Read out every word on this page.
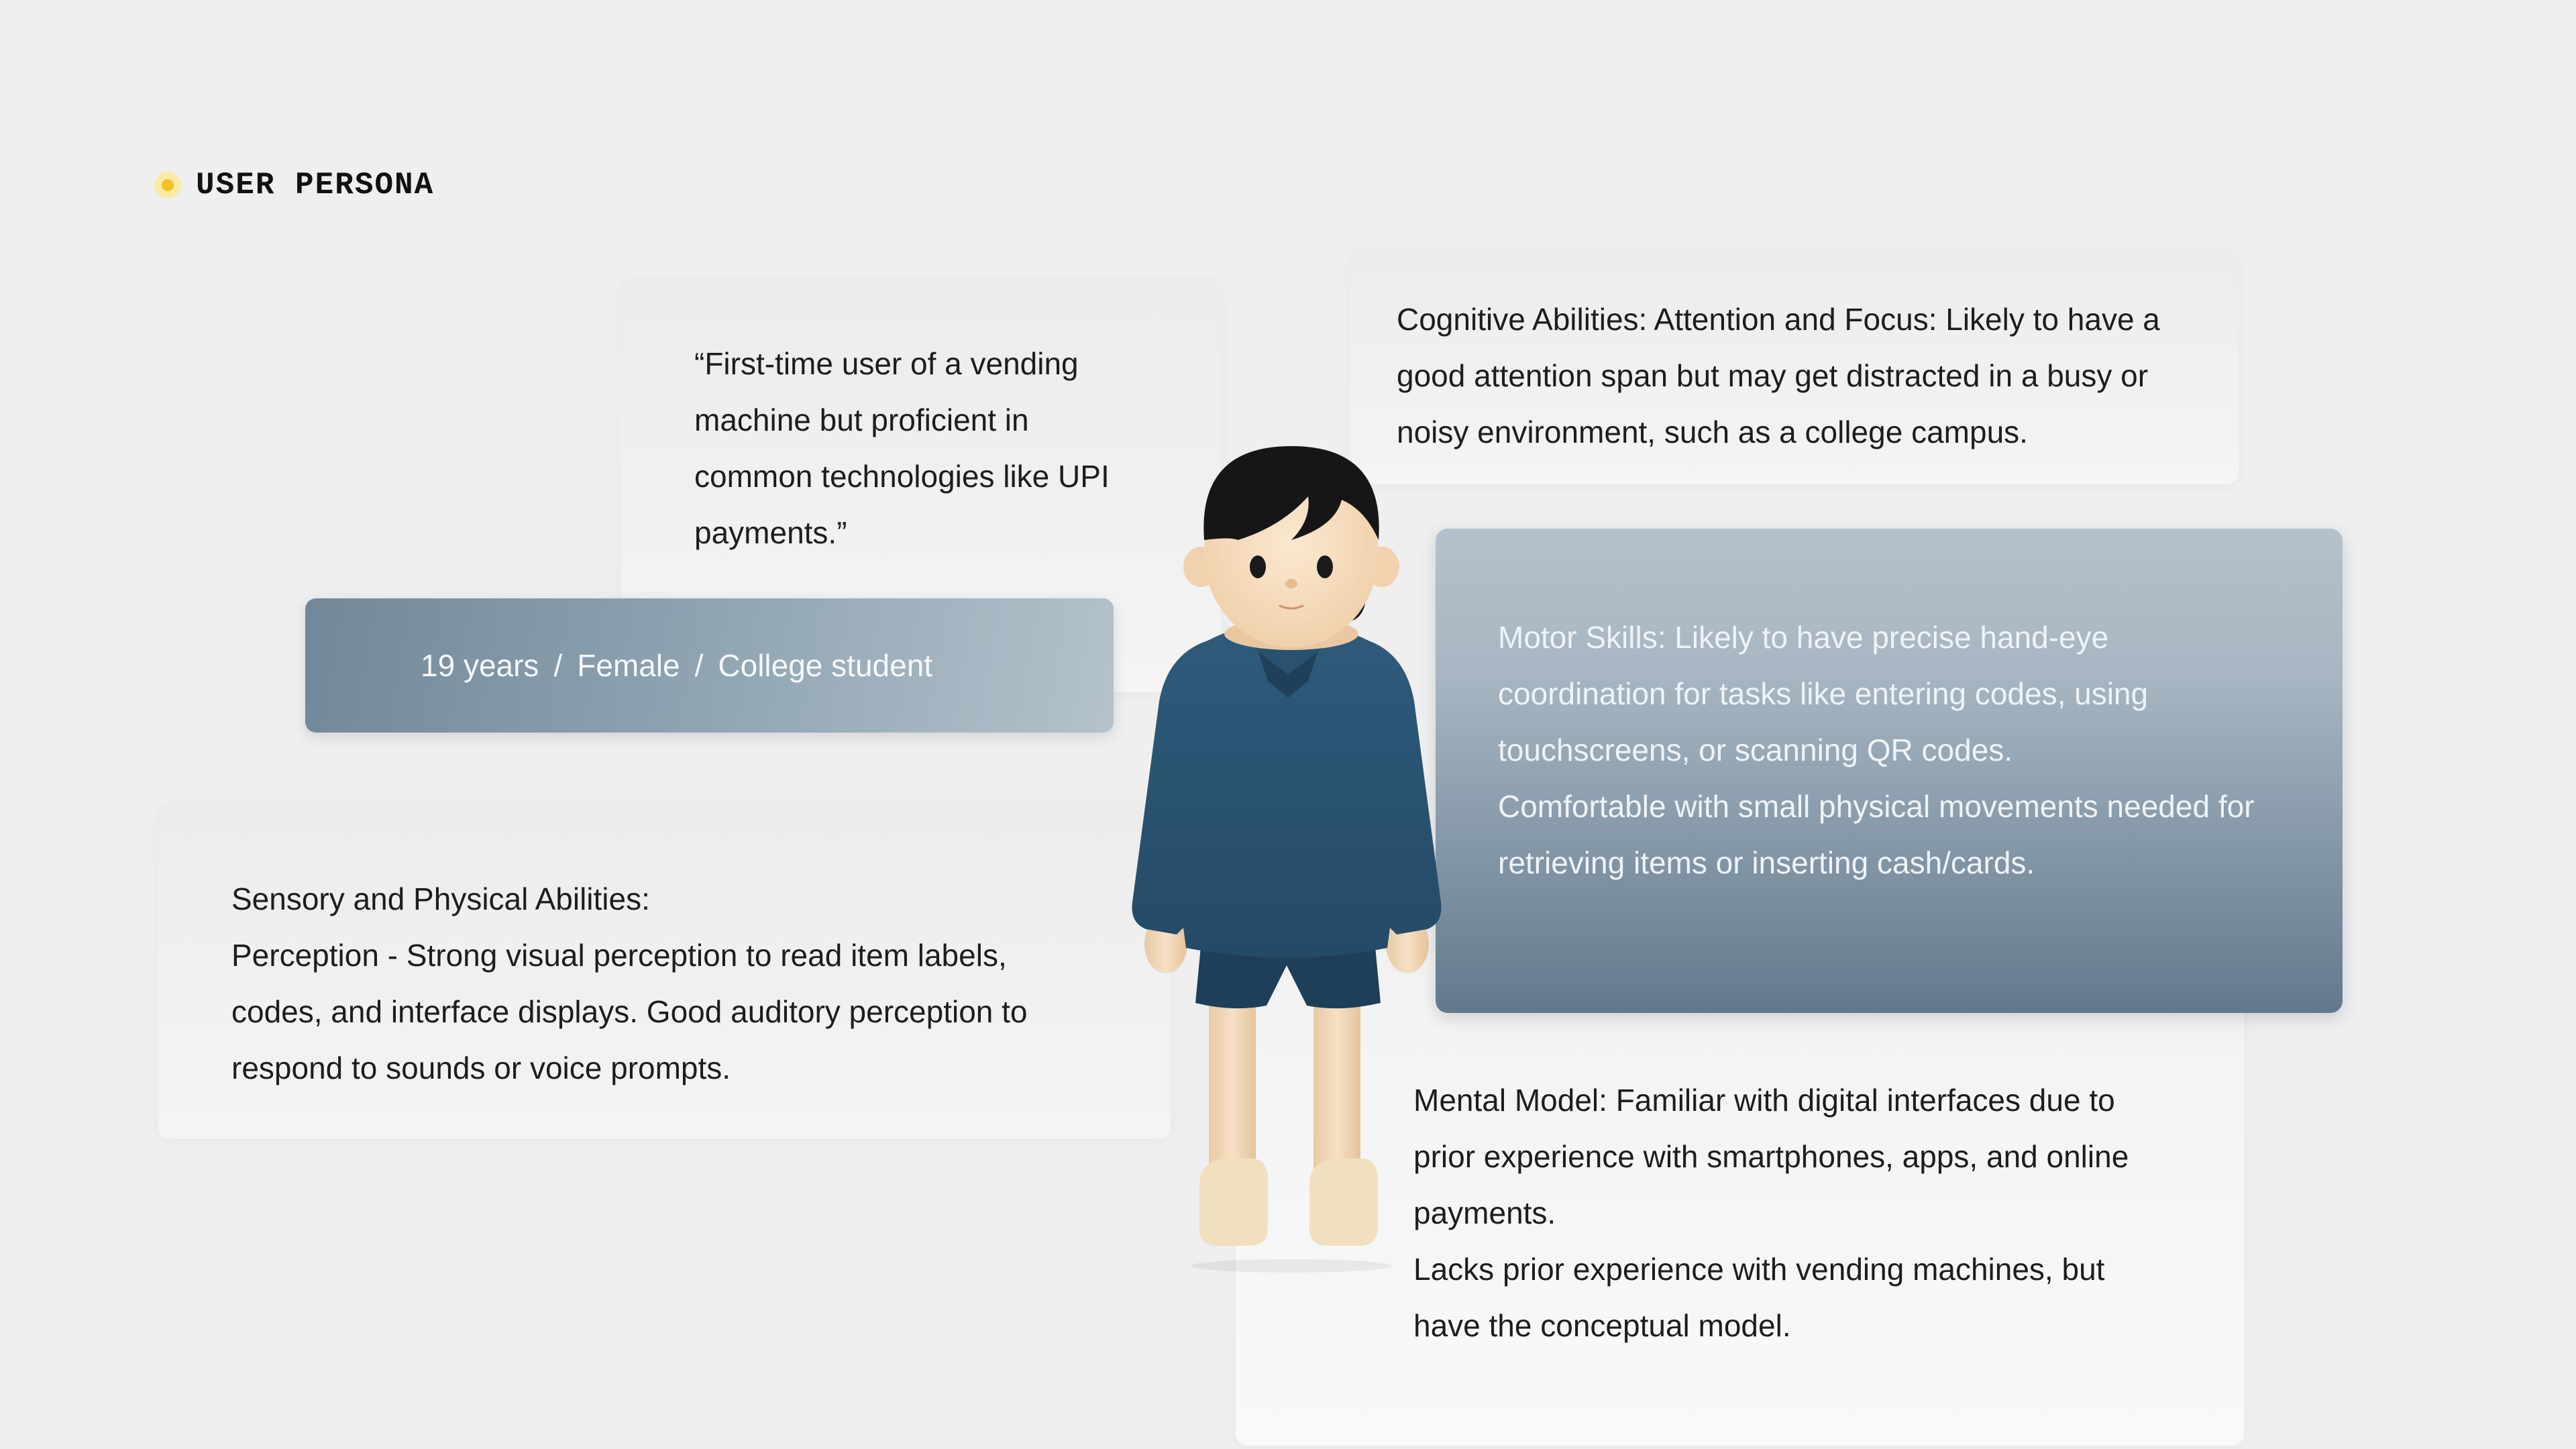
USER PERSONA

“First-time user of a vending
machine but proficient in
common technologies like UPI
payments.”

Cognitive Abilities: Attention and Focus: Likely to have a
good attention span but may get distracted in a busy or
noisy environment, such as a college campus.

Sensory and Physical Abilities:
Perception - Strong visual perception to read item labels,
codes, and interface displays. Good auditory perception to
respond to sounds or voice prompts.

Mental Model: Familiar with digital interfaces due to
prior experience with smartphones, apps, and online
payments.
Lacks prior experience with vending machines, but
have the conceptual model.

19 years / Female / College student

Motor Skills: Likely to have precise hand-eye
coordination for tasks like entering codes, using
touchscreens, or scanning QR codes.
Comfortable with small physical movements needed for
retrieving items or inserting cash/cards.
